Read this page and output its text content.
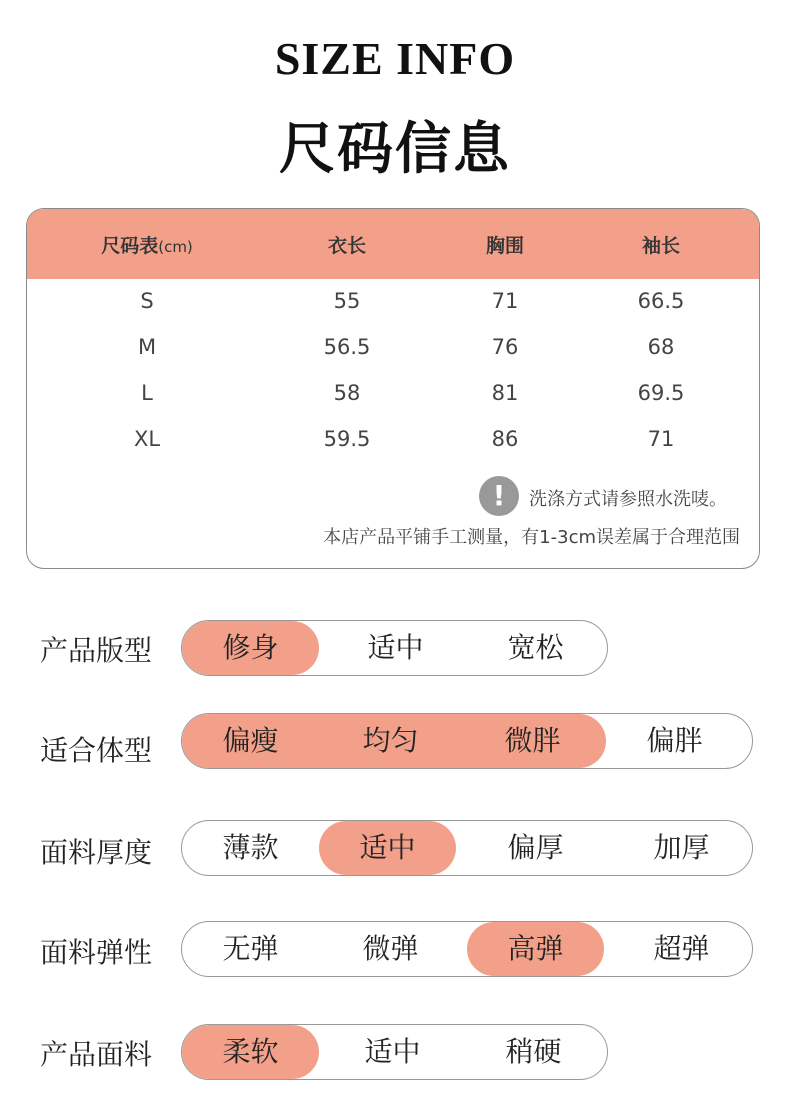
SIZE INFO
尺码信息
尺码表(cm)	衣长	胸围	袖长
S	55	71	66.5
M	56.5	76	68
L	58	81	69.5
XL	59.5	86	71
!	洗涤方式请参照水洗唛。
本店产品平铺手工测量，有1-3cm误差属于合理范围
产品版型	修身	适中	宽松
适合体型	偏瘦	均匀	微胖	偏胖
面料厚度	薄款	适中	偏厚	加厚
面料弹性	无弹	微弹	高弹	超弹
产品面料	柔软	适中	稍硬
